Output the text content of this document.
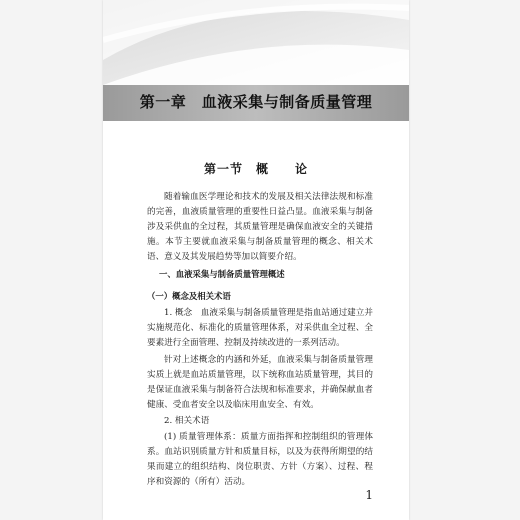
第一章　血液采集与制备质量管理
第一节　概　　论
随着输血医学理论和技术的发展及相关法律法规和标准的完善，血液质量管理的重要性日益凸显。血液采集与制备涉及采供血的全过程，其质量管理是确保血液安全的关键措施。本节主要就血液采集与制备质量管理的概念、相关术语、意义及其发展趋势等加以简要介绍。
一、血液采集与制备质量管理概述
（一）概念及相关术语
1. 概念　血液采集与制备质量管理是指血站通过建立并实施规范化、标准化的质量管理体系，对采供血全过程、全要素进行全面管理、控制及持续改进的一系列活动。
针对上述概念的内涵和外延，血液采集与制备质量管理实质上就是血站质量管理，以下统称血站质量管理，其目的是保证血液采集与制备符合法规和标准要求，并确保献血者健康、受血者安全以及临床用血安全、有效。
2. 相关术语
(1) 质量管理体系：质量方面指挥和控制组织的管理体系。血站识别质量方针和质量目标，以及为获得所期望的结果而建立的组织结构、岗位职责、方针（方案）、过程、程序和资源的（所有）活动。
1
